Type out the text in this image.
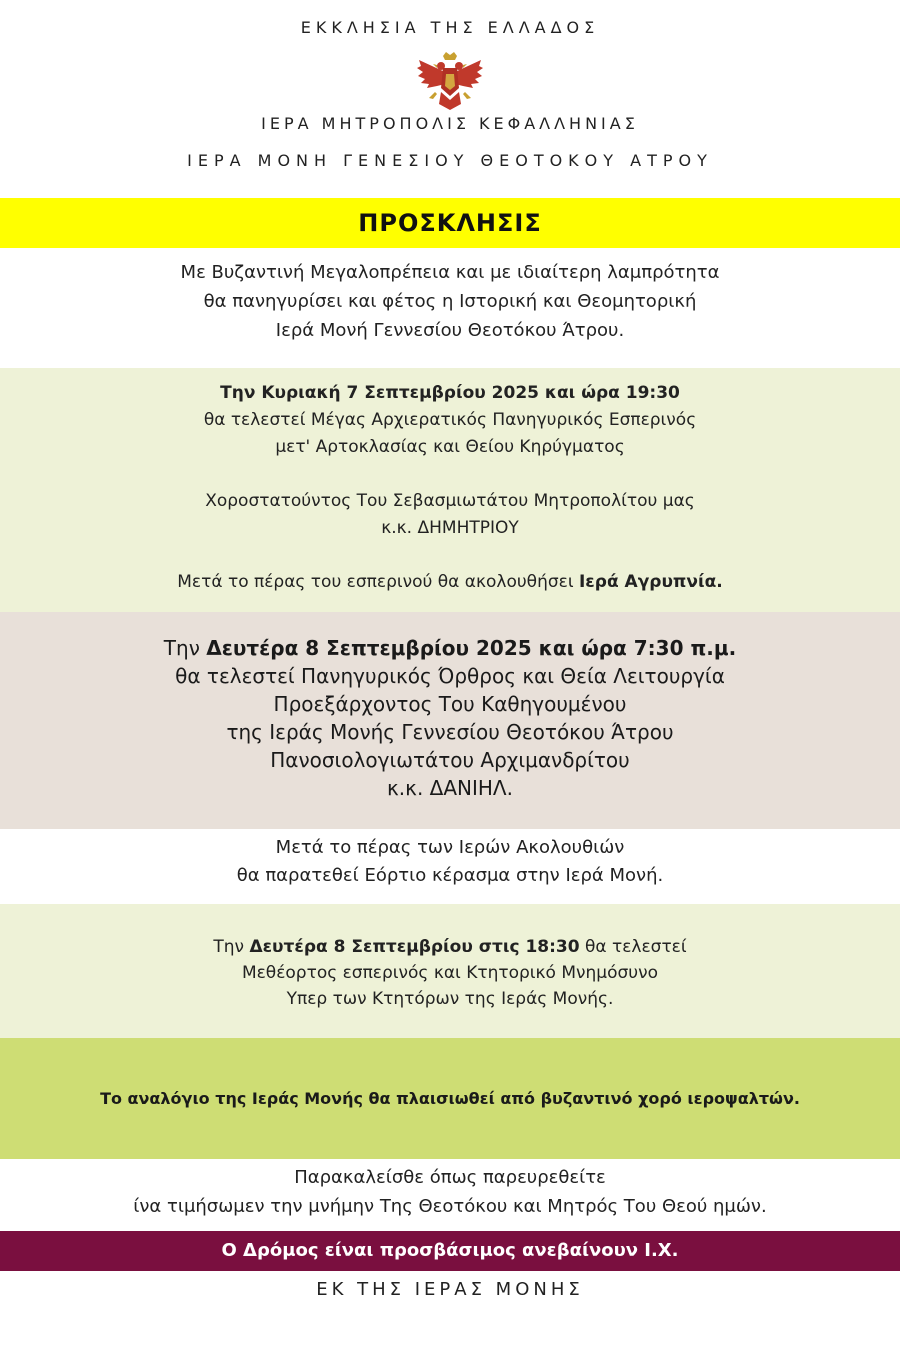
ΕΚΚΛΗΣΙΑ ΤΗΣ ΕΛΛΑΔΟΣ
ΙΕΡΑ ΜΗΤΡΟΠΟΛΙΣ ΚΕΦΑΛΛΗΝΙΑΣ
ΙΕΡΑ ΜΟΝΗ ΓΕΝΕΣΙΟΥ ΘΕΟΤΟΚΟΥ ΑΤΡΟΥ
ΠΡΟΣΚΛΗΣΙΣ
Με Βυζαντινή Μεγαλοπρέπεια και με ιδιαίτερη λαμπρότητα
θα πανηγυρίσει και φέτος η Ιστορική και Θεομητορική
Ιερά Μονή Γεννεσίου Θεοτόκου Άτρου.
Την Κυριακή 7 Σεπτεμβρίου 2025 και ώρα 19:30
θα τελεστεί Μέγας Αρχιερατικός Πανηγυρικός Εσπερινός
μετ' Αρτοκλασίας και Θείου Κηρύγματος
Χοροστατούντος Του Σεβασμιωτάτου Μητροπολίτου μας
κ.κ. ΔΗΜΗΤΡΙΟΥ
Μετά το πέρας του εσπερινού θα ακολουθήσει Ιερά Αγρυπνία.
Την Δευτέρα 8 Σεπτεμβρίου 2025 και ώρα 7:30 π.μ.
θα τελεστεί Πανηγυρικός Όρθρος και Θεία Λειτουργία
Προεξάρχοντος Του Καθηγουμένου
της Ιεράς Μονής Γεννεσίου Θεοτόκου Άτρου
Πανοσιολογιωτάτου Αρχιμανδρίτου
κ.κ. ΔΑΝΙΗΛ.
Μετά το πέρας των Ιερών Ακολουθιών
θα παρατεθεί Εόρτιο κέρασμα στην Ιερά Μονή.
Την Δευτέρα 8 Σεπτεμβρίου στις 18:30 θα τελεστεί
Μεθέορτος εσπερινός και Κτητορικό Μνημόσυνο
Υπερ των Κτητόρων της Ιεράς Μονής.
Το αναλόγιο της Ιεράς Μονής θα πλαισιωθεί από βυζαντινό χορό ιεροψαλτών.
Παρακαλείσθε όπως παρευρεθείτε
ίνα τιμήσωμεν την μνήμην Της Θεοτόκου και Μητρός Του Θεού ημών.
Ο Δρόμος είναι προσβάσιμος ανεβαίνουν Ι.Χ.
ΕΚ ΤΗΣ ΙΕΡΑΣ ΜΟΝΗΣ
